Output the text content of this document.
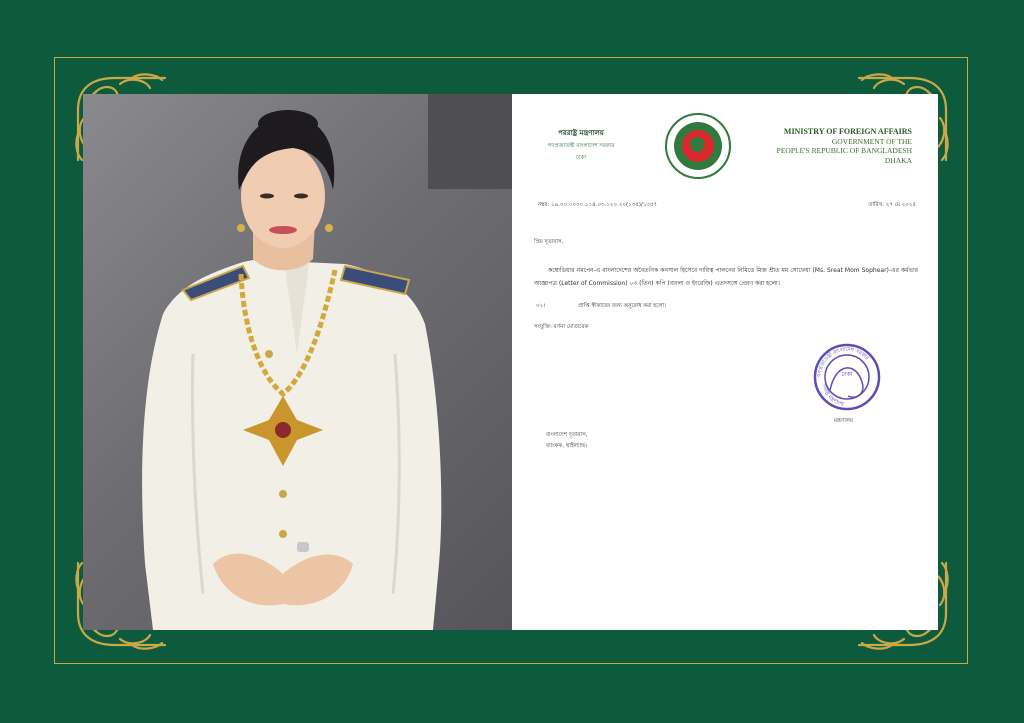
পররাষ্ট্র মন্ত্রণালয়
গণপ্রজাতন্ত্রী বাংলাদেশ সরকার
ঢাকা
MINISTRY OF FOREIGN AFFAIRS
GOVERNMENT OF THE
PEOPLE'S REPUBLIC OF BANGLADESH
DHAKA
নম্বর: ১৯.০০.০০০০.১১৪.০৩.১২০.২০(১৩৫)/১৩৫৭	তারিখ: ২৭ মে ২০২৫
প্রিয় দূতাবাস,
কম্বোডিয়ার নমপেন-এ বাংলাদেশের অবৈতনিক কনসাল হিসেবে দায়িত্ব পালনের নিমিত্তে মিজ শ্রীত মম সোফেয়া (Ms. Sreat Mom Sophear)-এর কর্মভার আজ্ঞাপত্র (Letter of Commission) ০৩ (তিন) কপি (বাংলা ও ইংরেজি) এতদসঙ্গে প্রেরণ করা হলো।
০২।	প্রাপ্তি স্বীকারের জন্য অনুরোধ করা হলো।
সংযুক্তি: বর্ণনা মোতাবেক
গণপ্রজাতন্ত্রী বাংলাদেশ সরকার
পররাষ্ট্র মন্ত্রণালয়
ঢাকা
মন্ত্রণালয়
বাংলাদেশ দূতাবাস,
ব্যাংকক, থাইল্যান্ড।
